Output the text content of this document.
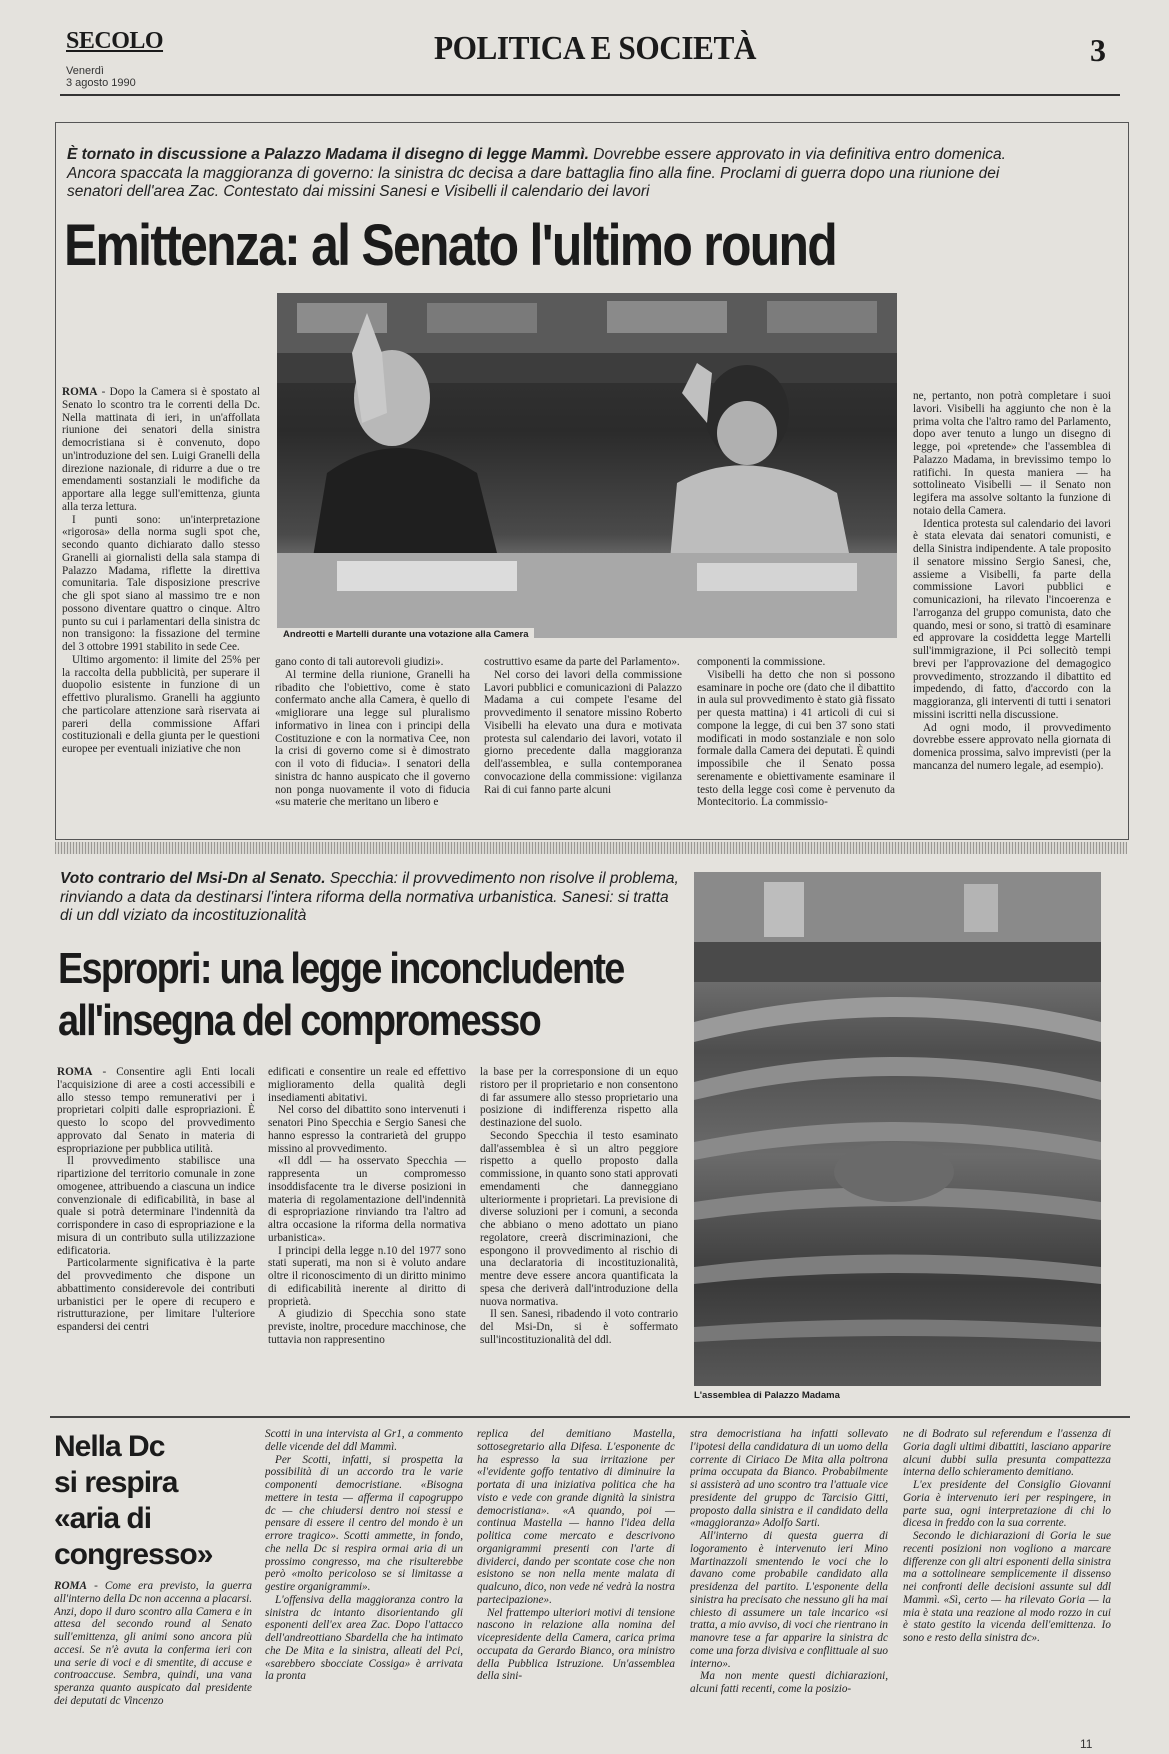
SECOLO
Venerdì
3 agosto 1990
POLITICA E SOCIETÀ	3
È tornato in discussione a Palazzo Madama il disegno di legge Mammì. Dovrebbe essere approvato in via definitiva entro domenica. Ancora spaccata la maggioranza di governo: la sinistra dc decisa a dare battaglia fino alla fine. Proclami di guerra dopo una riunione dei senatori dell'area Zac. Contestato dai missini Sanesi e Visibelli il calendario dei lavori
Emittenza: al Senato l'ultimo round
Andreotti e Martelli durante una votazione alla Camera

ROMA - Dopo la Camera si è spostato al Senato lo scontro tra le correnti della Dc. Nella mattinata di ieri, in un'affollata riunione dei senatori della sinistra democristiana si è convenuto, dopo un'introduzione del sen. Luigi Granelli della direzione nazionale, di ridurre a due o tre emendamenti sostanziali le modifiche da apportare alla legge sull'emittenza, giunta alla terza lettura.

I punti sono: un'interpretazione «rigorosa» della norma sugli spot che, secondo quanto dichiarato dallo stesso Granelli ai giornalisti della sala stampa di Palazzo Madama, riflette la direttiva comunitaria. Tale disposizione prescrive che gli spot siano al massimo tre e non possono diventare quattro o cinque. Altro punto su cui i parlamentari della sinistra dc non transigono: la fissazione del termine del 3 ottobre 1991 stabilito in sede Cee.

Ultimo argomento: il limite del 25% per la raccolta della pubblicità, per superare il duopolio esistente in funzione di un effettivo pluralismo. Granelli ha aggiunto che particolare attenzione sarà riservata ai pareri della commissione Affari costituzionali e della giunta per le questioni europee per eventuali iniziative che non

gano conto di tali autorevoli giudizi».

Al termine della riunione, Granelli ha ribadito che l'obiettivo, come è stato confermato anche alla Camera, è quello di «migliorare una legge sul pluralismo informativo in linea con i principi della Costituzione e con la normativa Cee, non la crisi di governo come si è dimostrato con il voto di fiducia». I senatori della sinistra dc hanno auspicato che il governo non ponga nuovamente il voto di fiducia «su materie che meritano un libero e

costruttivo esame da parte del Parlamento».

Nel corso dei lavori della commissione Lavori pubblici e comunicazioni di Palazzo Madama a cui compete l'esame del provvedimento il senatore missino Roberto Visibelli ha elevato una dura e motivata protesta sul calendario dei lavori, votato il giorno precedente dalla maggioranza dell'assemblea, e sulla contemporanea convocazione della commissione: vigilanza Rai di cui fanno parte alcuni

componenti la commissione.

Visibelli ha detto che non si possono esaminare in poche ore (dato che il dibattito in aula sul provvedimento è stato già fissato per questa mattina) i 41 articoli di cui si compone la legge, di cui ben 37 sono stati modificati in modo sostanziale e non solo formale dalla Camera dei deputati. È quindi impossibile che il Senato possa serenamente e obiettivamente esaminare il testo della legge così come è pervenuto da Montecitorio. La commissio-

ne, pertanto, non potrà completare i suoi lavori. Visibelli ha aggiunto che non è la prima volta che l'altro ramo del Parlamento, dopo aver tenuto a lungo un disegno di legge, poi «pretende» che l'assemblea di Palazzo Madama, in brevissimo tempo lo ratifichi. In questa maniera — ha sottolineato Visibelli — il Senato non legifera ma assolve soltanto la funzione di notaio della Camera.

Identica protesta sul calendario dei lavori è stata elevata dai senatori comunisti, e della Sinistra indipendente. A tale proposito il senatore missino Sergio Sanesi, che, assieme a Visibelli, fa parte della commissione Lavori pubblici e comunicazioni, ha rilevato l'incoerenza e l'arroganza del gruppo comunista, dato che quando, mesi or sono, si trattò di esaminare ed approvare la cosiddetta legge Martelli sull'immigrazione, il Pci sollecitò tempi brevi per l'approvazione del demagogico provvedimento, strozzando il dibattito ed impedendo, di fatto, d'accordo con la maggioranza, gli interventi di tutti i senatori missini iscritti nella discussione.

Ad ogni modo, il provvedimento dovrebbe essere approvato nella giornata di domenica prossima, salvo imprevisti (per la mancanza del numero legale, ad esempio).

Voto contrario del Msi-Dn al Senato. Specchia: il provvedimento non risolve il problema, rinviando a data da destinarsi l'intera riforma della normativa urbanistica. Sanesi: si tratta di un ddl viziato da incostituzionalità
Espropri: una legge inconcludente
all'insegna del compromesso
L'assemblea di Palazzo Madama

ROMA - Consentire agli Enti locali l'acquisizione di aree a costi accessibili e allo stesso tempo remunerativi per i proprietari colpiti dalle espropriazioni. È questo lo scopo del provvedimento approvato dal Senato in materia di espropriazione per pubblica utilità.

Il provvedimento stabilisce una ripartizione del territorio comunale in zone omogenee, attribuendo a ciascuna un indice convenzionale di edificabilità, in base al quale si potrà determinare l'indennità da corrispondere in caso di espropriazione e la misura di un contributo sulla utilizzazione edificatoria.

Particolarmente significativa è la parte del provvedimento che dispone un abbattimento considerevole dei contributi urbanistici per le opere di recupero e ristrutturazione, per limitare l'ulteriore espandersi dei centri

edificati e consentire un reale ed effettivo miglioramento della qualità degli insediamenti abitativi.

Nel corso del dibattito sono intervenuti i senatori Pino Specchia e Sergio Sanesi che hanno espresso la contrarietà del gruppo missino al provvedimento.

«Il ddl — ha osservato Specchia — rappresenta un compromesso insoddisfacente tra le diverse posizioni in materia di regolamentazione dell'indennità di espropriazione rinviando tra l'altro ad altra occasione la riforma della normativa urbanistica».

I principi della legge n.10 del 1977 sono stati superati, ma non si è voluto andare oltre il riconoscimento di un diritto minimo di edificabilità inerente al diritto di proprietà.

A giudizio di Specchia sono state previste, inoltre, procedure macchinose, che tuttavia non rappresentino

la base per la corresponsione di un equo ristoro per il proprietario e non consentono di far assumere allo stesso proprietario una posizione di indifferenza rispetto alla destinazione del suolo.

Secondo Specchia il testo esaminato dall'assemblea è sì un altro peggiore rispetto a quello proposto dalla commissione, in quanto sono stati approvati emendamenti che danneggiano ulteriormente i proprietari. La previsione di diverse soluzioni per i comuni, a seconda che abbiano o meno adottato un piano regolatore, creerà discriminazioni, che espongono il provvedimento al rischio di una declaratoria di incostituzionalità, mentre deve essere ancora quantificata la spesa che deriverà dall'introduzione della nuova normativa.

Il sen. Sanesi, ribadendo il voto contrario del Msi-Dn, si è soffermato sull'incostituzionalità del ddl.

Nella Dc
si respira
«aria di
congresso»

ROMA - Come era previsto, la guerra all'interno della Dc non accenna a placarsi. Anzi, dopo il duro scontro alla Camera e in attesa del secondo round al Senato sull'emittenza, gli animi sono ancora più accesi. Se n'è avuta la conferma ieri con una serie di voci e di smentite, di accuse e controaccuse. Sembra, quindi, una vana speranza quanto auspicato dal presidente dei deputati dc Vincenzo

Scotti in una intervista al Gr1, a commento delle vicende del ddl Mammì.

Per Scotti, infatti, si prospetta la possibilità di un accordo tra le varie componenti democristiane. «Bisogna mettere in testa — afferma il capogruppo dc — che chiudersi dentro noi stessi e pensare di essere il centro del mondo è un errore tragico». Scotti ammette, in fondo, che nella Dc si respira ormai aria di un prossimo congresso, ma che risulterebbe però «molto pericoloso se si limitasse a gestire organigrammi».

L'offensiva della maggioranza contro la sinistra dc intanto disorientando gli esponenti dell'ex area Zac. Dopo l'attacco dell'andreottiano Sbardella che ha intimato che De Mita e la sinistra, alleati del Pci, «sarebbero sbocciate Cossiga» è arrivata la pronta

replica del demitiano Mastella, sottosegretario alla Difesa. L'esponente dc ha espresso la sua irritazione per «l'evidente goffo tentativo di diminuire la portata di una iniziativa politica che ha visto e vede con grande dignità la sinistra democristiana». «A quando, poi — continua Mastella — hanno l'idea della politica come mercato e descrivono organigrammi presenti con l'arte di dividerci, dando per scontate cose che non esistono se non nella mente malata di qualcuno, dico, non vede né vedrà la nostra partecipazione».

Nel frattempo ulteriori motivi di tensione nascono in relazione alla nomina del vicepresidente della Camera, carica prima occupata da Gerardo Bianco, ora ministro della Pubblica Istruzione. Un'assemblea della sini-

stra democristiana ha infatti sollevato l'ipotesi della candidatura di un uomo della corrente di Ciriaco De Mita alla poltrona prima occupata da Bianco. Probabilmente si assisterà ad uno scontro tra l'attuale vice presidente del gruppo dc Tarcisio Gitti, proposto dalla sinistra e il candidato della «maggioranza» Adolfo Sarti.

All'interno di questa guerra di logoramento è intervenuto ieri Mino Martinazzoli smentendo le voci che lo davano come probabile candidato alla presidenza del partito. L'esponente della sinistra ha precisato che nessuno gli ha mai chiesto di assumere un tale incarico «si tratta, a mio avviso, di voci che rientrano in manovre tese a far apparire la sinistra dc come una forza divisiva e conflittuale al suo interno».

Ma non mente questi dichiarazioni, alcuni fatti recenti, come la posizio-

ne di Bodrato sul referendum e l'assenza di Goria dagli ultimi dibattiti, lasciano apparire alcuni dubbi sulla presunta compattezza interna dello schieramento demitiano.

L'ex presidente del Consiglio Giovanni Goria è intervenuto ieri per respingere, in parte sua, ogni interpretazione di chi lo dicesa in freddo con la sua corrente.

Secondo le dichiarazioni di Goria le sue recenti posizioni non vogliono a marcare differenze con gli altri esponenti della sinistra ma a sottolineare semplicemente il dissenso nei confronti delle decisioni assunte sul ddl Mammì. «Sì, certo — ha rilevato Goria — la mia è stata una reazione al modo rozzo in cui è stato gestito la vicenda dell'emittenza. Io sono e resto della sinistra dc».

11
